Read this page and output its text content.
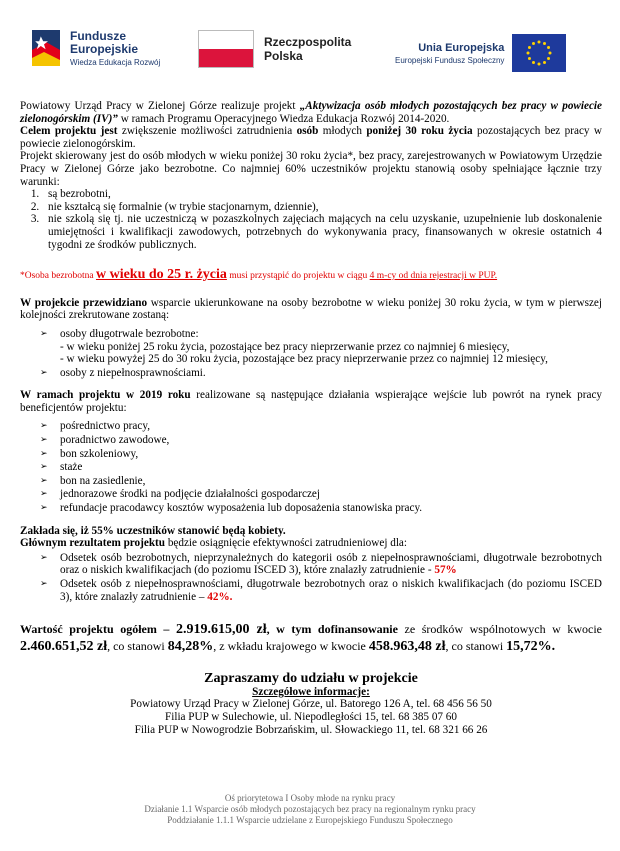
Fundusze
Europejskie
Wiedza Edukacja Rozwój
Rzeczpospolita
Polska
Unia Europejska
Europejski Fundusz Społeczny

Powiatowy Urząd Pracy w Zielonej Górze realizuje projekt „Aktywizacja osób młodych pozostających bez pracy w powiecie zielonogórskim (IV)” w ramach Programu Operacyjnego Wiedza Edukacja Rozwój 2014-2020.

Celem projektu jest zwiększenie możliwości zatrudnienia osób młodych poniżej 30 roku życia pozostających bez pracy w powiecie zielonogórskim.

Projekt skierowany jest do osób młodych w wieku poniżej 30 roku życia*, bez pracy, zarejestrowanych w Powiatowym Urzędzie Pracy w Zielonej Górze jako bezrobotne. Co najmniej 60% uczestników projektu stanowią osoby spełniające łącznie trzy warunki:

1. są bezrobotni,
2. nie kształcą się formalnie (w trybie stacjonarnym, dziennie),
3. nie szkolą się tj. nie uczestniczą w pozaszkolnych zajęciach mających na celu uzyskanie, uzupełnienie lub doskonalenie umiejętności i kwalifikacji zawodowych, potrzebnych do wykonywania pracy, finansowanych w okresie ostatnich 4 tygodni ze środków publicznych.

*Osoba bezrobotna w wieku do 25 r. życia musi przystąpić do projektu w ciągu 4 m-cy od dnia rejestracji w PUP.

W projekcie przewidziano wsparcie ukierunkowane na osoby bezrobotne w wieku poniżej 30 roku życia, w tym w pierwszej kolejności zrekrutowane zostaną:

➢ osoby długotrwale bezrobotne:
- w wieku poniżej 25 roku życia, pozostające bez pracy nieprzerwanie przez co najmniej 6 miesięcy,
- w wieku powyżej 25 do 30 roku życia, pozostające bez pracy nieprzerwanie przez co najmniej 12 miesięcy,
➢ osoby z niepełnosprawnościami.

W ramach projektu w 2019 roku realizowane są następujące działania wspierające wejście lub powrót na rynek pracy beneficjentów projektu:

➢ pośrednictwo pracy,
➢ poradnictwo zawodowe,
➢ bon szkoleniowy,
➢ staże
➢ bon na zasiedlenie,
➢ jednorazowe środki na podjęcie działalności gospodarczej
➢ refundacje pracodawcy kosztów wyposażenia lub doposażenia stanowiska pracy.

Zakłada się, iż 55% uczestników stanowić będą kobiety.

Głównym rezultatem projektu będzie osiągnięcie efektywności zatrudnieniowej dla:

➢ Odsetek osób bezrobotnych, nieprzynależnych do kategorii osób z niepełnosprawnościami, długotrwale bezrobotnych oraz o niskich kwalifikacjach (do poziomu ISCED 3), które znalazły zatrudnienie - 57%
➢ Odsetek osób z niepełnosprawnościami, długotrwale bezrobotnych oraz o niskich kwalifikacjach (do poziomu ISCED 3), które znalazły zatrudnienie – 42%.

Wartość projektu ogółem – 2.919.615,00 zł, w tym dofinansowanie ze środków wspólnotowych w kwocie 2.460.651,52 zł, co stanowi 84,28%, z wkładu krajowego w kwocie 458.963,48 zł, co stanowi 15,72%.

Zapraszamy do udziału w projekcie
Szczegółowe informacje:
Powiatowy Urząd Pracy w Zielonej Górze, ul. Batorego 126 A, tel. 68 456 56 50
Filia PUP w Sulechowie, ul. Niepodległości 15, tel. 68 385 07 60
Filia PUP w Nowogrodzie Bobrzańskim, ul. Słowackiego 11, tel. 68 321 66 26
Oś priorytetowa I Osoby młode na rynku pracy
Działanie 1.1 Wsparcie osób młodych pozostających bez pracy na regionalnym rynku pracy
Poddziałanie 1.1.1 Wsparcie udzielane z Europejskiego Funduszu Społecznego
